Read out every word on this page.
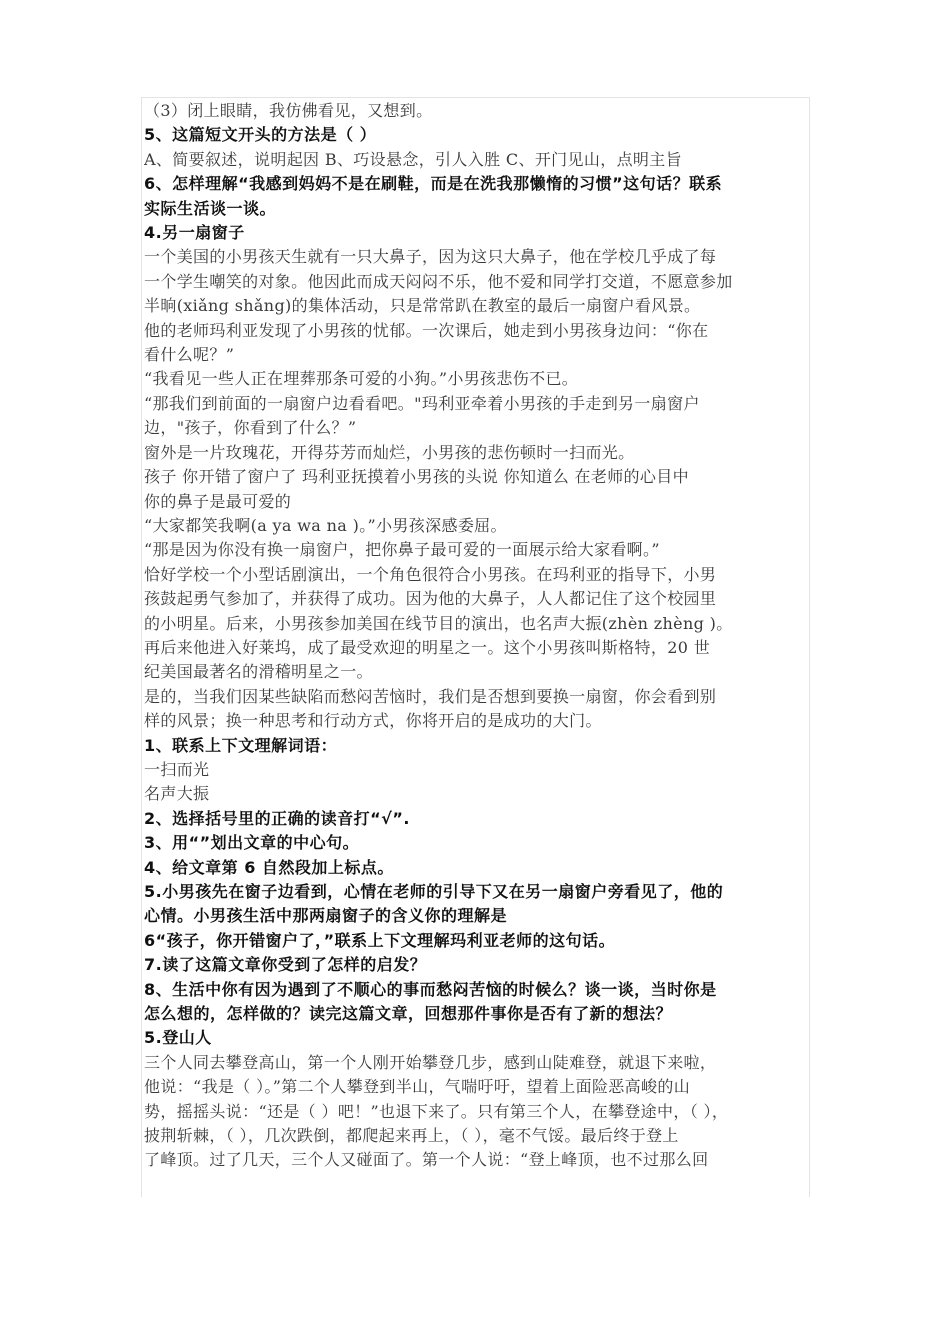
（3）闭上眼睛，我仿佛看见，又想到。
5、这篇短文开头的方法是（ ）
A、简要叙述，说明起因 B、巧设悬念，引人入胜 C、开门见山，点明主旨
6、怎样理解“我感到妈妈不是在刷鞋，而是在洗我那懒惰的习惯”这句话？联系
实际生活谈一谈。
4.另一扇窗子
一个美国的小男孩天生就有一只大鼻子，因为这只大鼻子，他在学校几乎成了每
一个学生嘲笑的对象。他因此而成天闷闷不乐，他不爱和同学打交道，不愿意参加
半晌(xiǎng shǎng)的集体活动，只是常常趴在教室的最后一扇窗户看风景。
他的老师玛利亚发现了小男孩的忧郁。一次课后，她走到小男孩身边问：“你在
看什么呢？”
“我看见一些人正在埋葬那条可爱的小狗。”小男孩悲伤不已。
“那我们到前面的一扇窗户边看看吧。"玛利亚牵着小男孩的手走到另一扇窗户
边，"孩子，你看到了什么？”
窗外是一片玫瑰花，开得芬芳而灿烂，小男孩的悲伤顿时一扫而光。
孩子 你开错了窗户了 玛利亚抚摸着小男孩的头说 你知道么 在老师的心目中
你的鼻子是最可爱的
“大家都笑我啊(a ya wa na )。”小男孩深感委屈。
“那是因为你没有换一扇窗户，把你鼻子最可爱的一面展示给大家看啊。”
恰好学校一个小型话剧演出，一个角色很符合小男孩。在玛利亚的指导下，小男
孩鼓起勇气参加了，并获得了成功。因为他的大鼻子，人人都记住了这个校园里
的小明星。后来，小男孩参加美国在线节目的演出，也名声大振(zhèn zhèng )。
再后来他进入好莱坞，成了最受欢迎的明星之一。这个小男孩叫斯格特，20 世
纪美国最著名的滑稽明星之一。
是的，当我们因某些缺陷而愁闷苦恼时，我们是否想到要换一扇窗，你会看到别
样的风景；换一种思考和行动方式，你将开启的是成功的大门。
1、联系上下文理解词语：
一扫而光
名声大振
2、选择括号里的正确的读音打“√”.
3、用“”划出文章的中心句。
4、给文章第 6 自然段加上标点。
5.小男孩先在窗子边看到，心情在老师的引导下又在另一扇窗户旁看见了，他的
心情。小男孩生活中那两扇窗子的含义你的理解是
6“孩子，你开错窗户了，”联系上下文理解玛利亚老师的这句话。
7.读了这篇文章你受到了怎样的启发？
8、生活中你有因为遇到了不顺心的事而愁闷苦恼的时候么？谈一谈，当时你是
怎么想的，怎样做的？读完这篇文章，回想那件事你是否有了新的想法？
5.登山人
三个人同去攀登高山，第一个人刚开始攀登几步，感到山陡难登，就退下来啦，
他说：“我是（ ）。”第二个人攀登到半山，气喘吁吁，望着上面险恶高峻的山
势，摇摇头说：“还是（ ）吧！”也退下来了。只有第三个人，在攀登途中，（ ），
披荆斩棘，（ ），几次跌倒，都爬起来再上，（ ），毫不气馁。最后终于登上
了峰顶。过了几天，三个人又碰面了。第一个人说：“登上峰顶，也不过那么回
